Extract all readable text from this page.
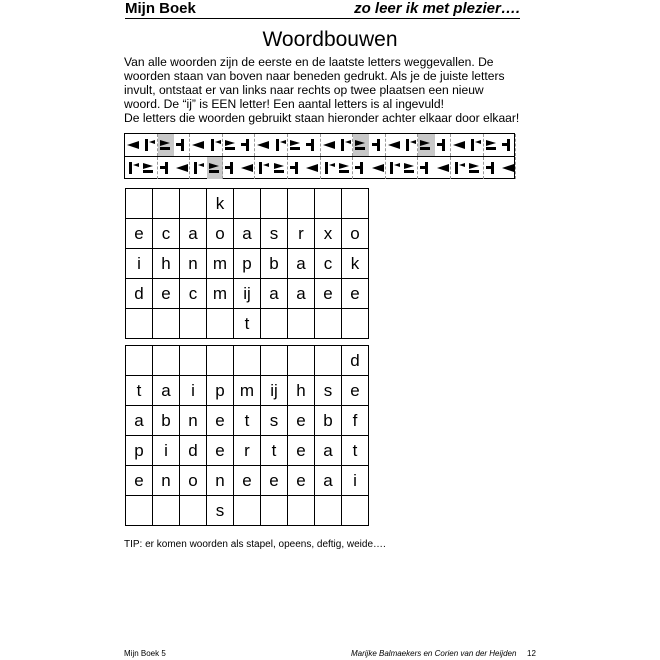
Mijn Boek	zo leer ik met plezier….
Woordbouwen
Van alle woorden zijn de eerste en de laatste letters weggevallen. De
woorden staan van boven naar beneden gedrukt. Als je de juiste letters
invult, ontstaat er van links naar rechts op twee plaatsen een nieuw
woord. De “ij” is EEN letter! Een aantal letters is al ingevuld!
De letters die woorden gebruikt staan hieronder achter elkaar door elkaar!
			k					
e	c	a	o	a	s	r	x	o
i	h	n	m	p	b	a	c	k
d	e	c	m	ij	a	a	e	e
				t				
								d
t	a	i	p	m	ij	h	s	e
a	b	n	e	t	s	e	b	f
p	i	d	e	r	t	e	a	t
e	n	o	n	e	e	e	a	i
			s					
TIP: er komen woorden als stapel, opeens, deftig, weide….
Mijn Boek 5	Marijke Balmaekers en Corien van der Heijden 12
